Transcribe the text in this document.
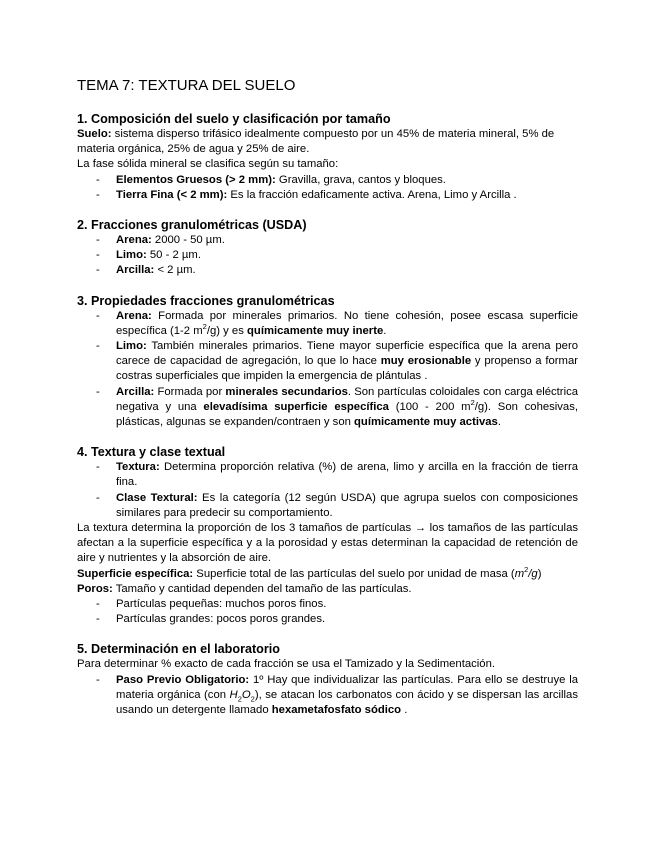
TEMA 7: TEXTURA DEL SUELO
1. Composición del suelo y clasificación por tamaño

Suelo: sistema disperso trifásico idealmente compuesto por un 45% de materia mineral, 5% de materia orgánica, 25% de agua y 25% de aire.

La fase sólida mineral se clasifica según su tamaño:

- Elementos Gruesos (> 2 mm): Gravilla, grava, cantos y bloques.
- Tierra Fina (< 2 mm): Es la fracción edaficamente activa. Arena, Limo y Arcilla .
2. Fracciones granulométricas (USDA)
- Arena: 2000 - 50 µm.
- Limo: 50 - 2 µm.
- Arcilla: < 2 µm.
3. Propiedades fracciones granulométricas
- Arena: Formada por minerales primarios. No tiene cohesión, posee escasa superficie específica (1-2 $m^2/g$) y es químicamente muy inerte.
- Limo: También minerales primarios. Tiene mayor superficie específica que la arena pero carece de capacidad de agregación, lo que lo hace muy erosionable y propenso a formar costras superficiales que impiden la emergencia de plántulas .
- Arcilla: Formada por minerales secundarios. Son partículas coloidales con carga eléctrica negativa y una elevadísima superficie específica (100 - 200 $m^2/g$). Son cohesivas, plásticas, algunas se expanden/contraen y son químicamente muy activas.
4. Textura y clase textual
- Textura: Determina proporción relativa (%) de arena, limo y arcilla en la fracción de tierra fina.
- Clase Textural: Es la categoría (12 según USDA) que agrupa suelos con composiciones similares para predecir su comportamiento.

La textura determina la proporción de los 3 tamaños de partículas → los tamaños de las partículas afectan a la superficie específica y a la porosidad y estas determinan la capacidad de retención de aire y nutrientes y la absorción de aire.

Superficie específica: Superficie total de las partículas del suelo por unidad de masa $(m^2/g)$

Poros: Tamaño y cantidad dependen del tamaño de las partículas.

- Partículas pequeñas: muchos poros finos.
- Partículas grandes: pocos poros grandes.
5. Determinación en el laboratorio

Para determinar % exacto de cada fracción se usa el Tamizado y la Sedimentación.

- Paso Previo Obligatorio: 1º Hay que individualizar las partículas. Para ello se destruye la materia orgánica (con $H_2O_2$), se atacan los carbonatos con ácido y se dispersan las arcillas usando un detergente llamado hexametafosfato sódico .
